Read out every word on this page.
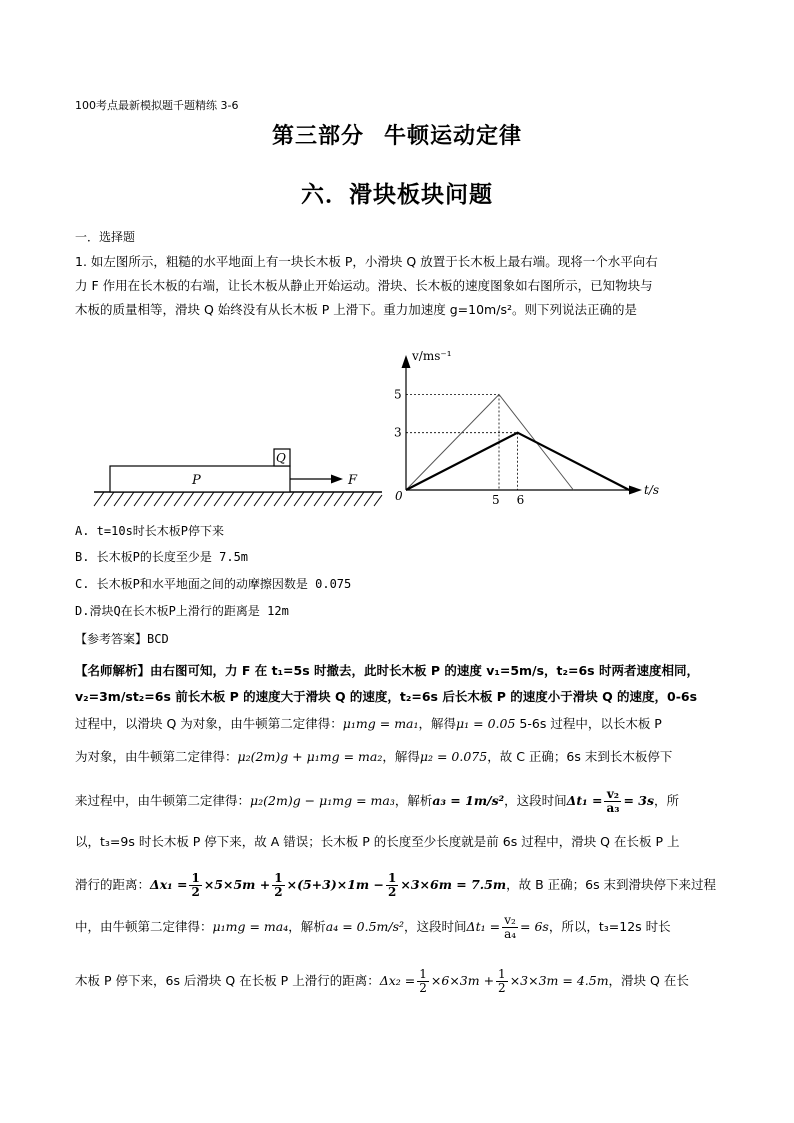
100考点最新模拟题千题精练 3-6
第三部分 牛顿运动定律
六．滑块板块问题
一．选择题
1. 如左图所示，粗糙的水平地面上有一块长木板 P，小滑块 Q 放置于长木板上最右端。现将一个水平向右
力 F 作用在长木板的右端，让长木板从静止开始运动。滑块、长木板的速度图象如右图所示，已知物块与
木板的质量相等，滑块 Q 始终没有从长木板 P 上滑下。重力加速度 g=10m/s²。则下列说法正确的是
P
Q
F
v/ms⁻¹
t/s
0
5
3
5 6
A. t=10s时长木板P停下来
B. 长木板P的长度至少是 7.5m
C. 长木板P和水平地面之间的动摩擦因数是 0.075
D.滑块Q在长木板P上滑行的距离是 12m
【参考答案】BCD
【名师解析】由右图可知，力 F 在 t₁=5s 时撤去，此时长木板 P 的速度 v₁=5m/s，t₂=6s 时两者速度相同，
v₂=3m/st₂=6s 前长木板 P 的速度大于滑块 Q 的速度，t₂=6s 后长木板 P 的速度小于滑块 Q 的速度，0-6s
过程中，以滑块 Q 为对象，由牛顿第二定律得：μ₁mg = ma₁，解得μ₁ = 0.05 5-6s 过程中，以长木板 P
为对象，由牛顿第二定律得：μ₂(2m)g + μ₁mg = ma₂，解得μ₂ = 0.075，故 C 正确；6s 末到长木板停下
来过程中，由牛顿第二定律得：μ₂(2m)g − μ₁mg = ma₃，解析a₃ = 1m/s²，这段时间$\Delta t_1 = \frac{\text{v₂}}{\text{a₃}} = 3s$，所
以，t₃=9s 时长木板 P 停下来，故 A 错误；长木板 P 的长度至少长度就是前 6s 过程中，滑块 Q 在长板 P 上
滑行的距离：$\Delta x_1 = \frac{1}{2} \times 5\times 5m + \frac{1}{2} \times(5+3)\times 1m - \frac{1}{2} \times 3\times 6m = 7.5m$，故 B 正确；6s 末到滑块停下来过程
中，由牛顿第二定律得：μ₁mg = ma₄，解析a₄ = 0.5m/s²，这段时间$\Delta t_1 = \frac{\text{v₂}}{\text{a₄}} = 6s$，所以，t₃=12s 时长
木板 P 停下来，6s 后滑块 Q 在长板 P 上滑行的距离：$\Delta x_2 = \frac{1}{2} \times 6\times 3m + \frac{1}{2} \times 3\times 3m = 4.5m$，滑块 Q 在长
